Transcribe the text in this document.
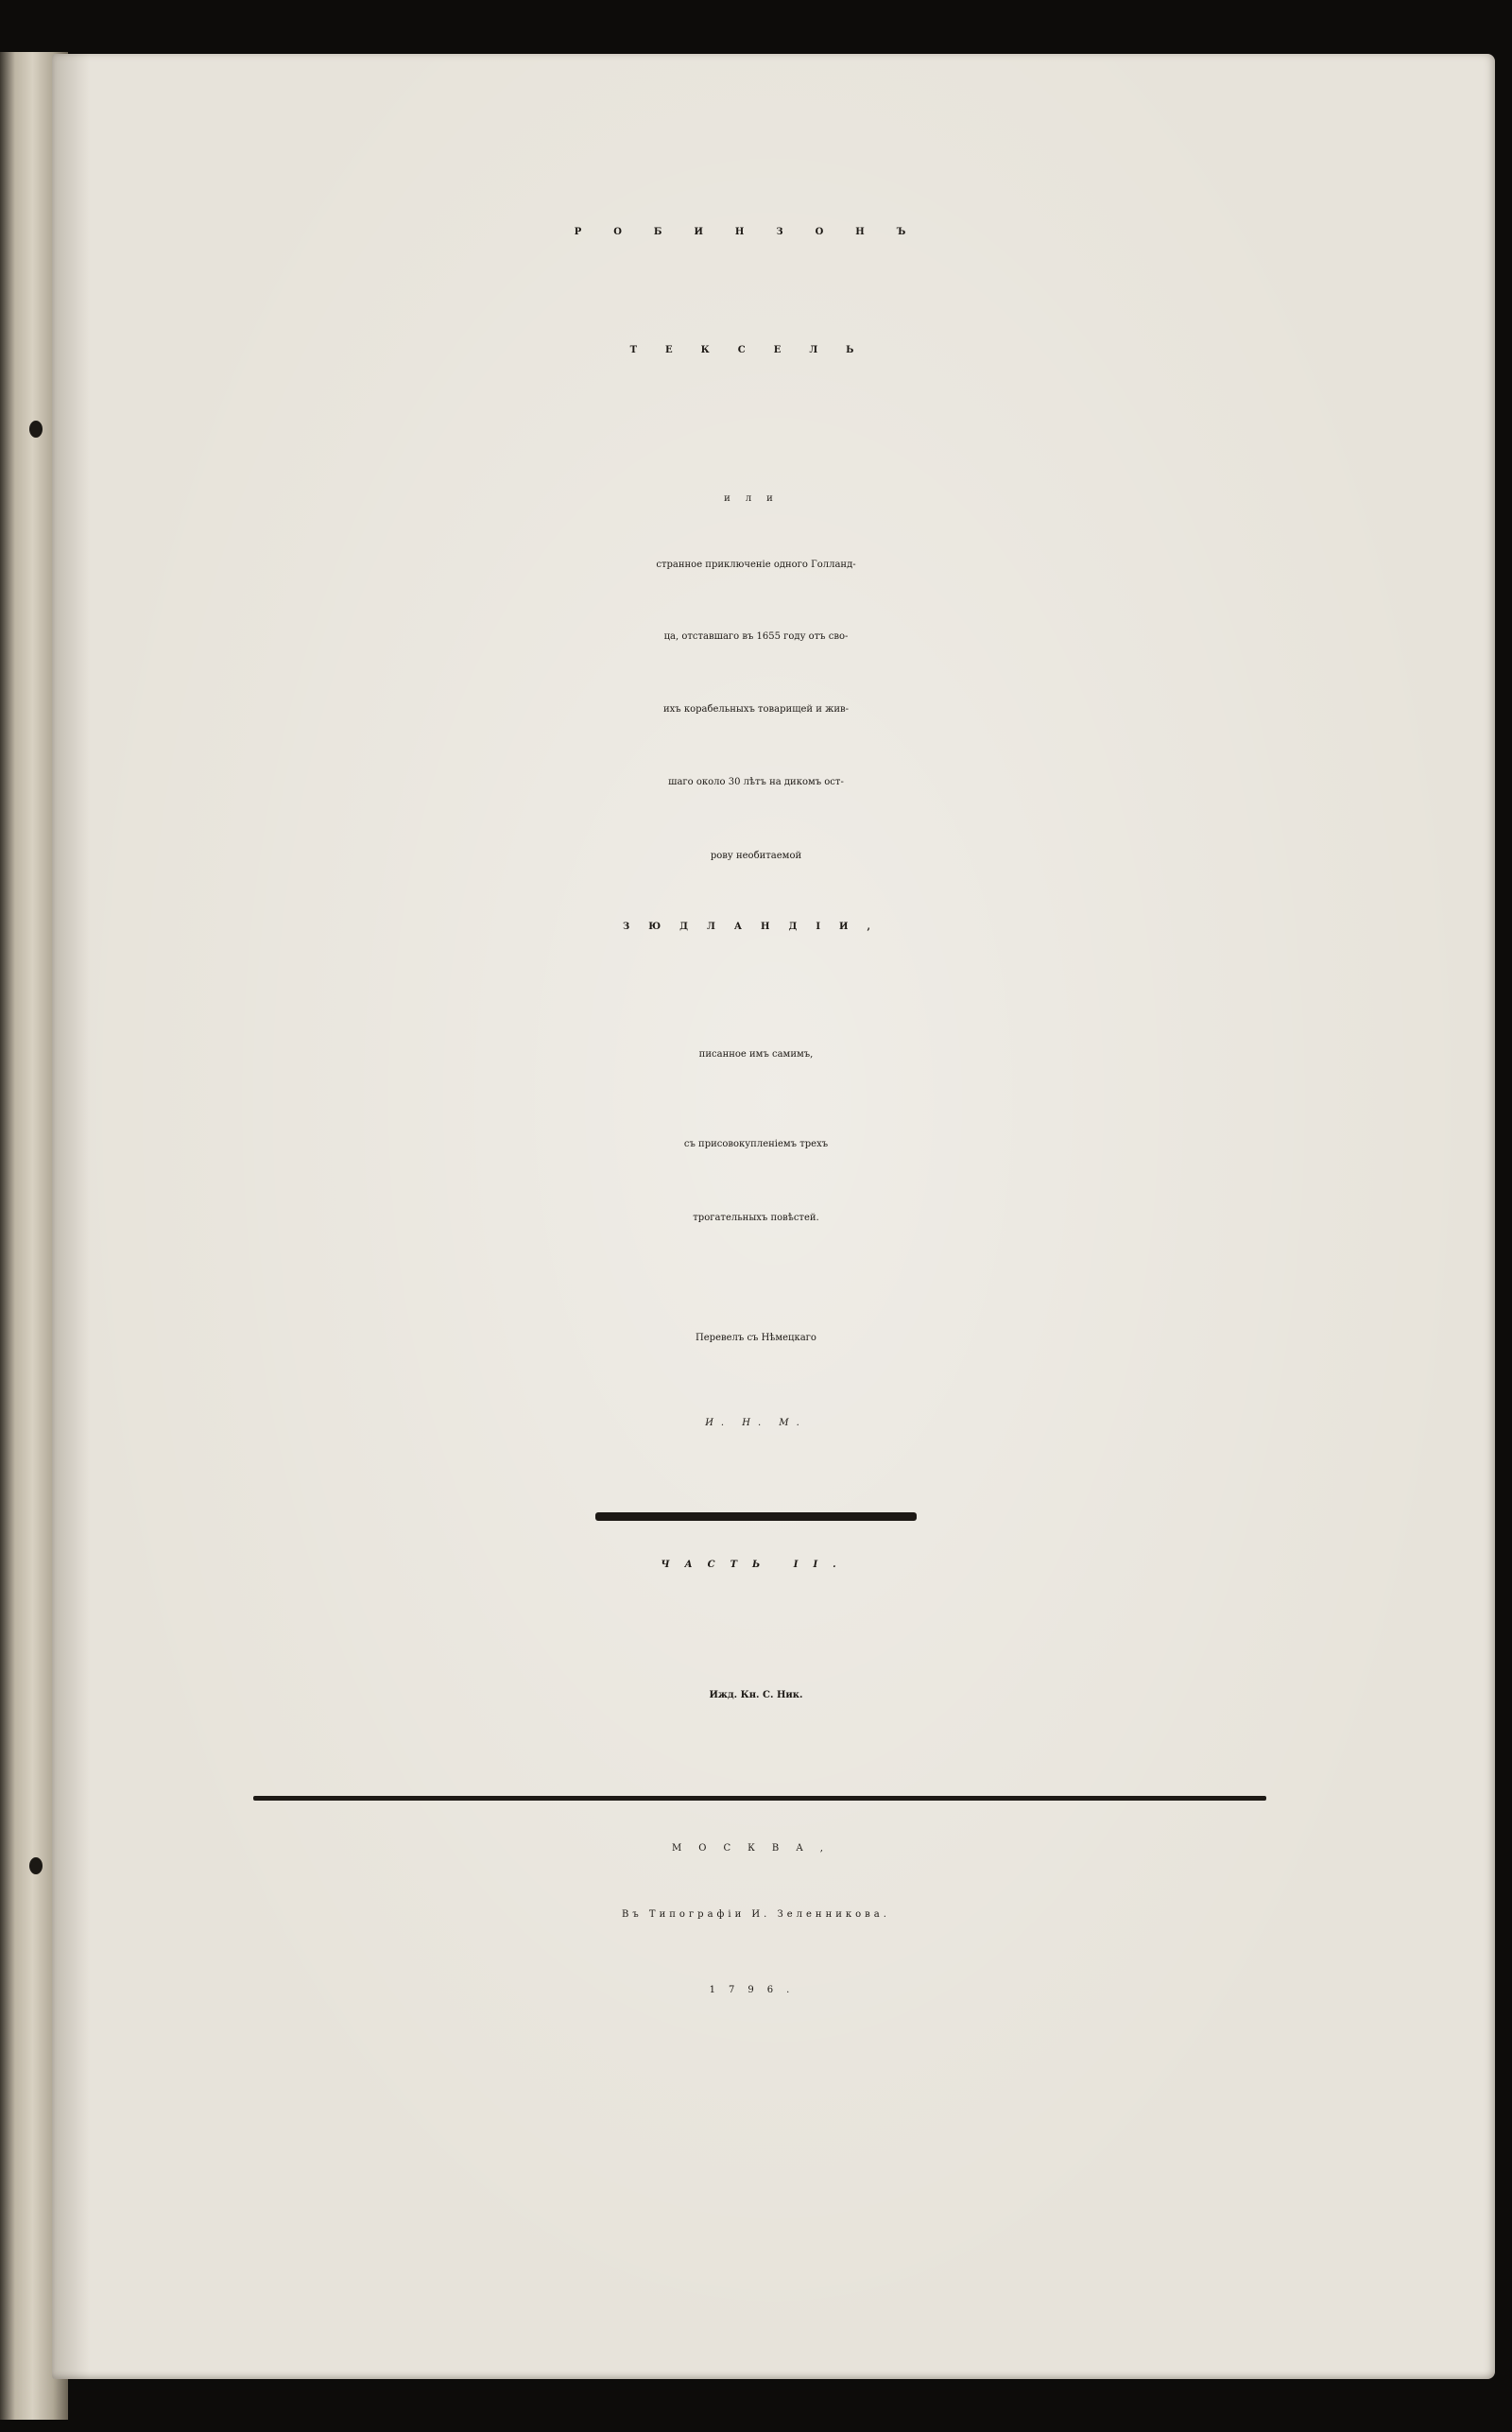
РОБИНЗОНЪ
ТЕКСЕЛЬ
или
странное приключеніе одного Голланд-
ца, отставшаго въ 1655 году отъ сво-
ихъ корабельныхъ товарищей и жив-
шаго около 30 лѣтъ на дикомъ ост-
рову необитаемой
ЗЮДЛАНДІИ,
писанное имъ самимъ,
съ присовокупленіемъ трехъ
трогательныхъ повѣстей.
Перевелъ съ Нѣмецкаго
И. Н. М.
ЧАСТЬ II.
Ижд. Кн. С. Ник.
МОСКВА,
Въ Типографіи И. Зеленникова.
1796.
